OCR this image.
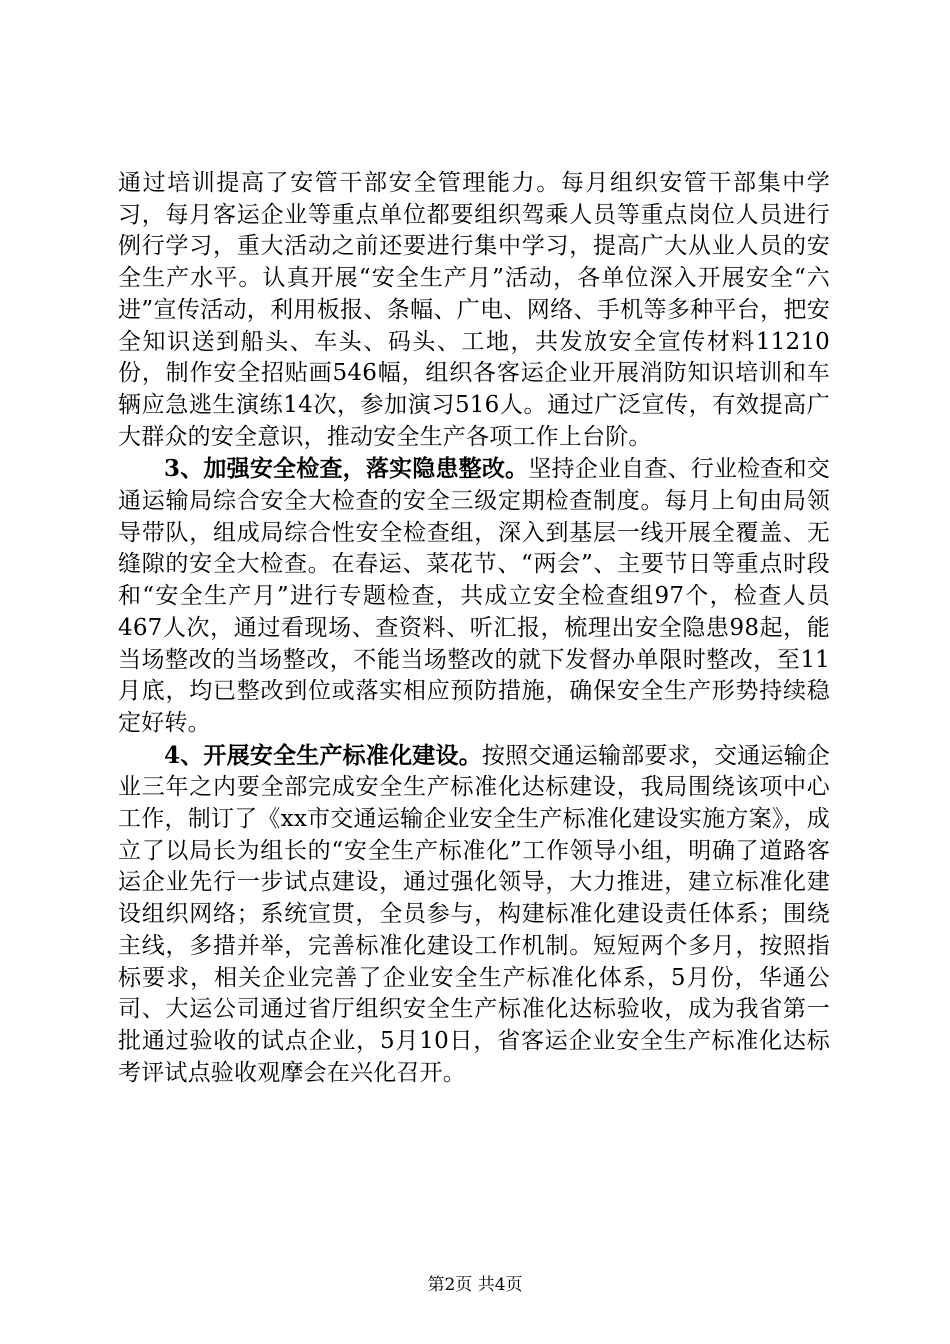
通过培训提高了安管干部安全管理能力。每月组织安管干部集中学习，每月客运企业等重点单位都要组织驾乘人员等重点岗位人员进行例行学习，重大活动之前还要进行集中学习，提高广大从业人员的安全生产水平。认真开展“安全生产月”活动，各单位深入开展安全“六进”宣传活动，利用板报、条幅、广电、网络、手机等多种平台，把安全知识送到船头、车头、码头、工地，共发放安全宣传材料11210份，制作安全招贴画546幅，组织各客运企业开展消防知识培训和车辆应急逃生演练14次，参加演习516人。通过广泛宣传，有效提高广大群众的安全意识，推动安全生产各项工作上台阶。

3、加强安全检查，落实隐患整改。坚持企业自查、行业检查和交通运输局综合安全大检查的安全三级定期检查制度。每月上旬由局领导带队，组成局综合性安全检查组，深入到基层一线开展全覆盖、无缝隙的安全大检查。在春运、菜花节、“两会”、主要节日等重点时段和“安全生产月”进行专题检查，共成立安全检查组97个，检查人员467人次，通过看现场、查资料、听汇报，梳理出安全隐患98起，能当场整改的当场整改，不能当场整改的就下发督办单限时整改，至11月底，均已整改到位或落实相应预防措施，确保安全生产形势持续稳定好转。

4、开展安全生产标准化建设。按照交通运输部要求，交通运输企业三年之内要全部完成安全生产标准化达标建设，我局围绕该项中心工作，制订了《xx市交通运输企业安全生产标准化建设实施方案》，成立了以局长为组长的“安全生产标准化”工作领导小组，明确了道路客运企业先行一步试点建设，通过强化领导，大力推进，建立标准化建设组织网络；系统宣贯，全员参与，构建标准化建设责任体系；围绕主线，多措并举，完善标准化建设工作机制。短短两个多月，按照指标要求，相关企业完善了企业安全生产标准化体系，5月份，华通公司、大运公司通过省厅组织安全生产标准化达标验收，成为我省第一批通过验收的试点企业，5月10日，省客运企业安全生产标准化达标考评试点验收观摩会在兴化召开。

第2页 共4页
